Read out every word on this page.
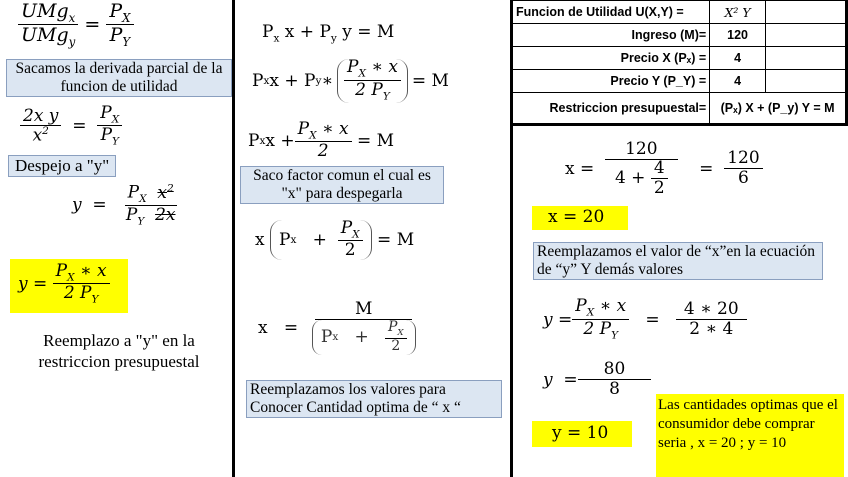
$\frac{UMg_x}{UMg_y} = \frac{P_X}{P_Y}$
Sacamos la derivada parcial de la funcion de utilidad
$\frac{\text{2x y}}{x^2} = \frac{P_X}{P_Y}$
Despejo a "y"
$y = \frac{P_X x^2}{P_Y 2x}$
$y = \frac{P_X ∗ x}{2 P_Y}$
Reemplazo a "y" en la restriccion presupuestal
$P_x$ $x + P_y$ y = M
P x x + P y ∗ $\frac{P_X ∗ x}{2 P_Y} = M$
P x $x + \frac{P_X ∗ x}{2} = M$
Saco factor comun el cual es "x" para despegarla
x
P x
+
$\frac{P_X}{2}$
= M
x
=
M
P x
+
$\frac{P_X}{2}$
Reemplazamos los valores para Conocer Cantidad optima de “ x “
Funcion de Utilidad U(X,Y) =	X² Y	
Ingreso (M)=	120	
Precio X (Pₓ) =	4	
Precio Y (P_Y) =	4	
Restriccion presupuestal=	(Pₓ) X + (P_y) Y = M	
x =
120
4 +
$\frac{4}{2}$
=
$\frac{120}{6}$
x = 20
Reemplazamos el valor de “x”en la ecuación de “y” Y demás valores
$y = \frac{P_X ∗ x}{2 P_Y} = \frac{4 ∗ 20}{2 ∗ 4}$
y
= $\frac{80}{8}$
y = 10
Las cantidades optimas que el consumidor debe comprar seria , x = 20 ; y = 10
